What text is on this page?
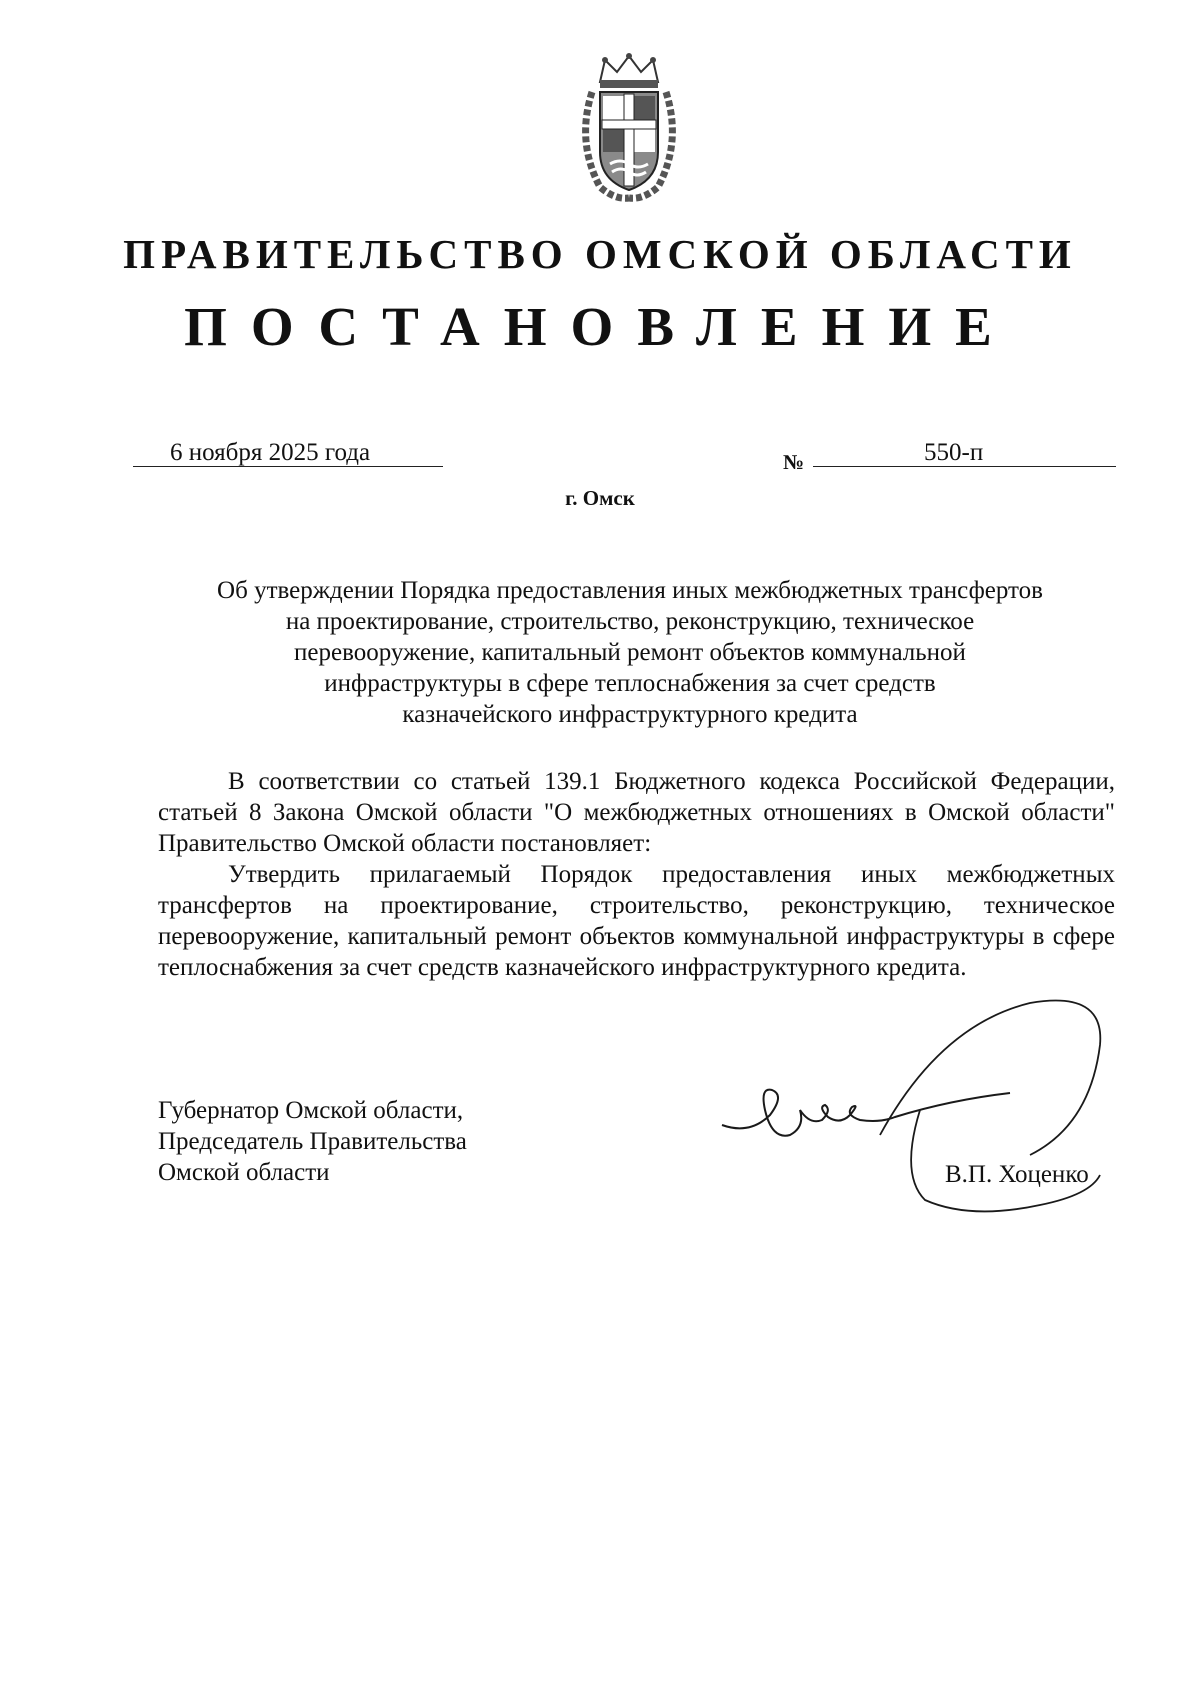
ПРАВИТЕЛЬСТВО ОМСКОЙ ОБЛАСТИ
ПОСТАНОВЛЕНИЕ
6 ноября 2025 года	№	550-п
г. Омск
Об утверждении Порядка предоставления иных межбюджетных трансфертов
на проектирование, строительство, реконструкцию, техническое
перевооружение, капитальный ремонт объектов коммунальной
инфраструктуры в сфере теплоснабжения за счет средств
казначейского инфраструктурного кредита

В соответствии со статьей 139.1 Бюджетного кодекса Российской Федерации, статьей 8 Закона Омской области "О межбюджетных отношениях в Омской области" Правительство Омской области постановляет:

Утвердить прилагаемый Порядок предоставления иных межбюджетных трансфертов на проектирование, строительство, реконструкцию, техническое перевооружение, капитальный ремонт объектов коммунальной инфраструктуры в сфере теплоснабжения за счет средств казначейского инфраструктурного кредита.

Губернатор Омской области,
Председатель Правительства
Омской области	В.П. Хоценко
